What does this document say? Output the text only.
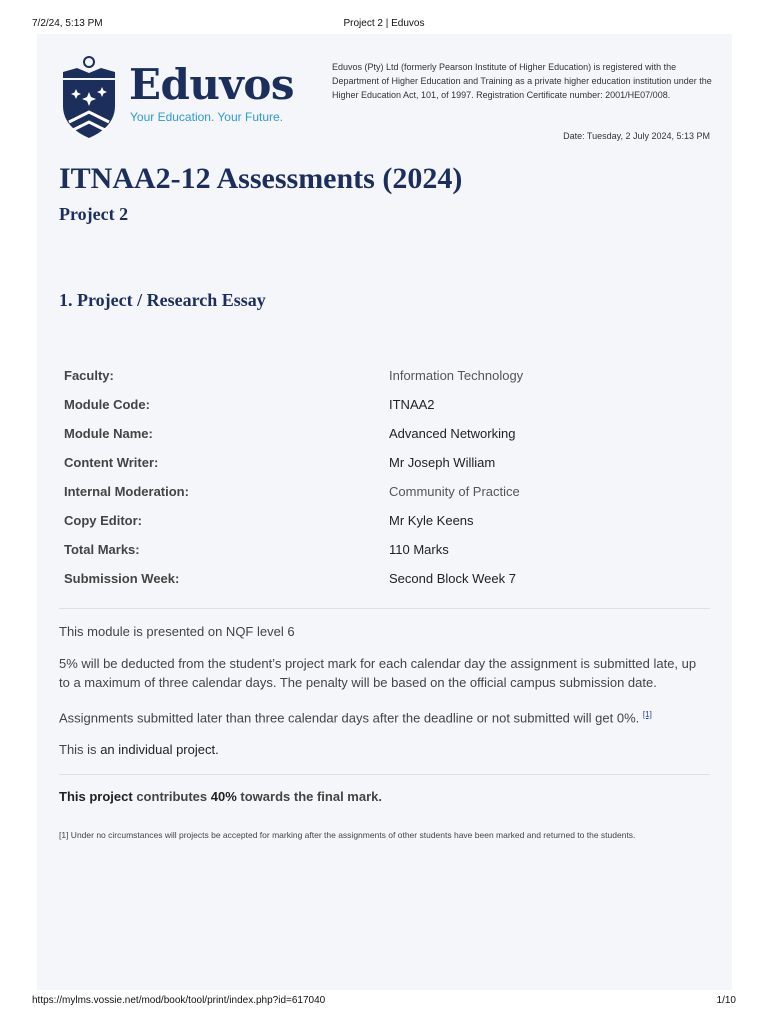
7/2/24, 5:13 PM	Project 2 | Eduvos
Eduvos
Your Education. Your Future.
Eduvos (Pty) Ltd (formerly Pearson Institute of Higher Education) is registered with the Department of Higher Education and Training as a private higher education institution under the Higher Education Act, 101, of 1997. Registration Certificate number: 2001/HE07/008.
Date: Tuesday, 2 July 2024, 5:13 PM
ITNAA2-12 Assessments (2024)
Project 2
1. Project / Research Essay
Faculty:	Information Technology
Module Code:	ITNAA2
Module Name:	Advanced Networking
Content Writer:	Mr Joseph William
Internal Moderation:	Community of Practice
Copy Editor:	Mr Kyle Keens
Total Marks:	110 Marks
Submission Week:	Second Block Week 7

This module is presented on NQF level 6

5% will be deducted from the student’s project mark for each calendar day the assignment is submitted late, up to a maximum of three calendar days. The penalty will be based on the official campus submission date.

Assignments submitted later than three calendar days after the deadline or not submitted will get 0%. [1]

This is an individual project.

This project contributes 40% towards the final mark.

[1] Under no circumstances will projects be accepted for marking after the assignments of other students have been marked and returned to the students.

https://mylms.vossie.net/mod/book/tool/print/index.php?id=617040	1/10
